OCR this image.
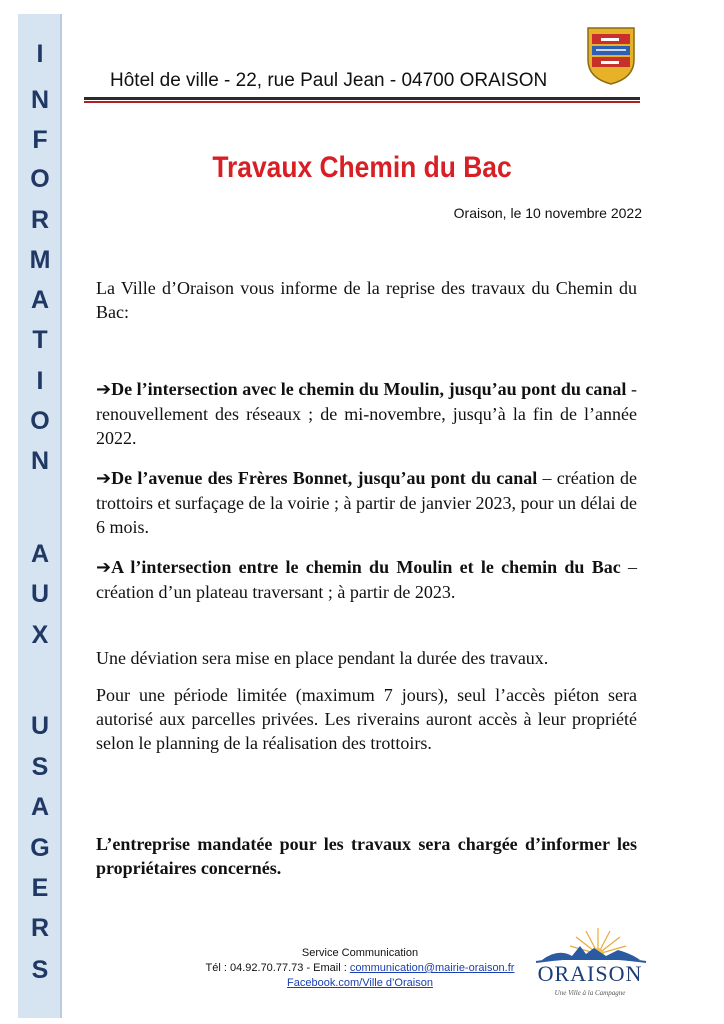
I
N
F
O
R
M
A
T
I
O
N
A
U
X
U
S
A
G
E
R
S
Hôtel de ville - 22, rue Paul Jean - 04700 ORAISON
Travaux Chemin du Bac
Oraison, le 10 novembre 2022

La Ville d’Oraison vous informe de la reprise des travaux du Chemin du Bac:

➔De l’intersection avec le chemin du Moulin, jusqu’au pont du canal - renouvellement des réseaux ; de mi-novembre, jusqu’à la fin de l’année 2022.

➔De l’avenue des Frères Bonnet, jusqu’au pont du canal – création de trottoirs et surfaçage de la voirie ; à partir de janvier 2023, pour un délai de 6 mois.

➔A l’intersection entre le chemin du Moulin et le chemin du Bac – création d’un plateau traversant ; à partir de 2023.

Une déviation sera mise en place pendant la durée des travaux.

Pour une période limitée (maximum 7 jours), seul l’accès piéton sera autorisé aux parcelles privées. Les riverains auront accès à leur propriété selon le planning de la réalisation des trottoirs.

L’entreprise mandatée pour les travaux sera chargée d’informer les propriétaires concernés.

Service Communication
Tél : 04.92.70.77.73 - Email : communication@mairie-oraison.fr
Facebook.com/Ville d’Oraison	ORAISON
Une Ville à la Campagne
